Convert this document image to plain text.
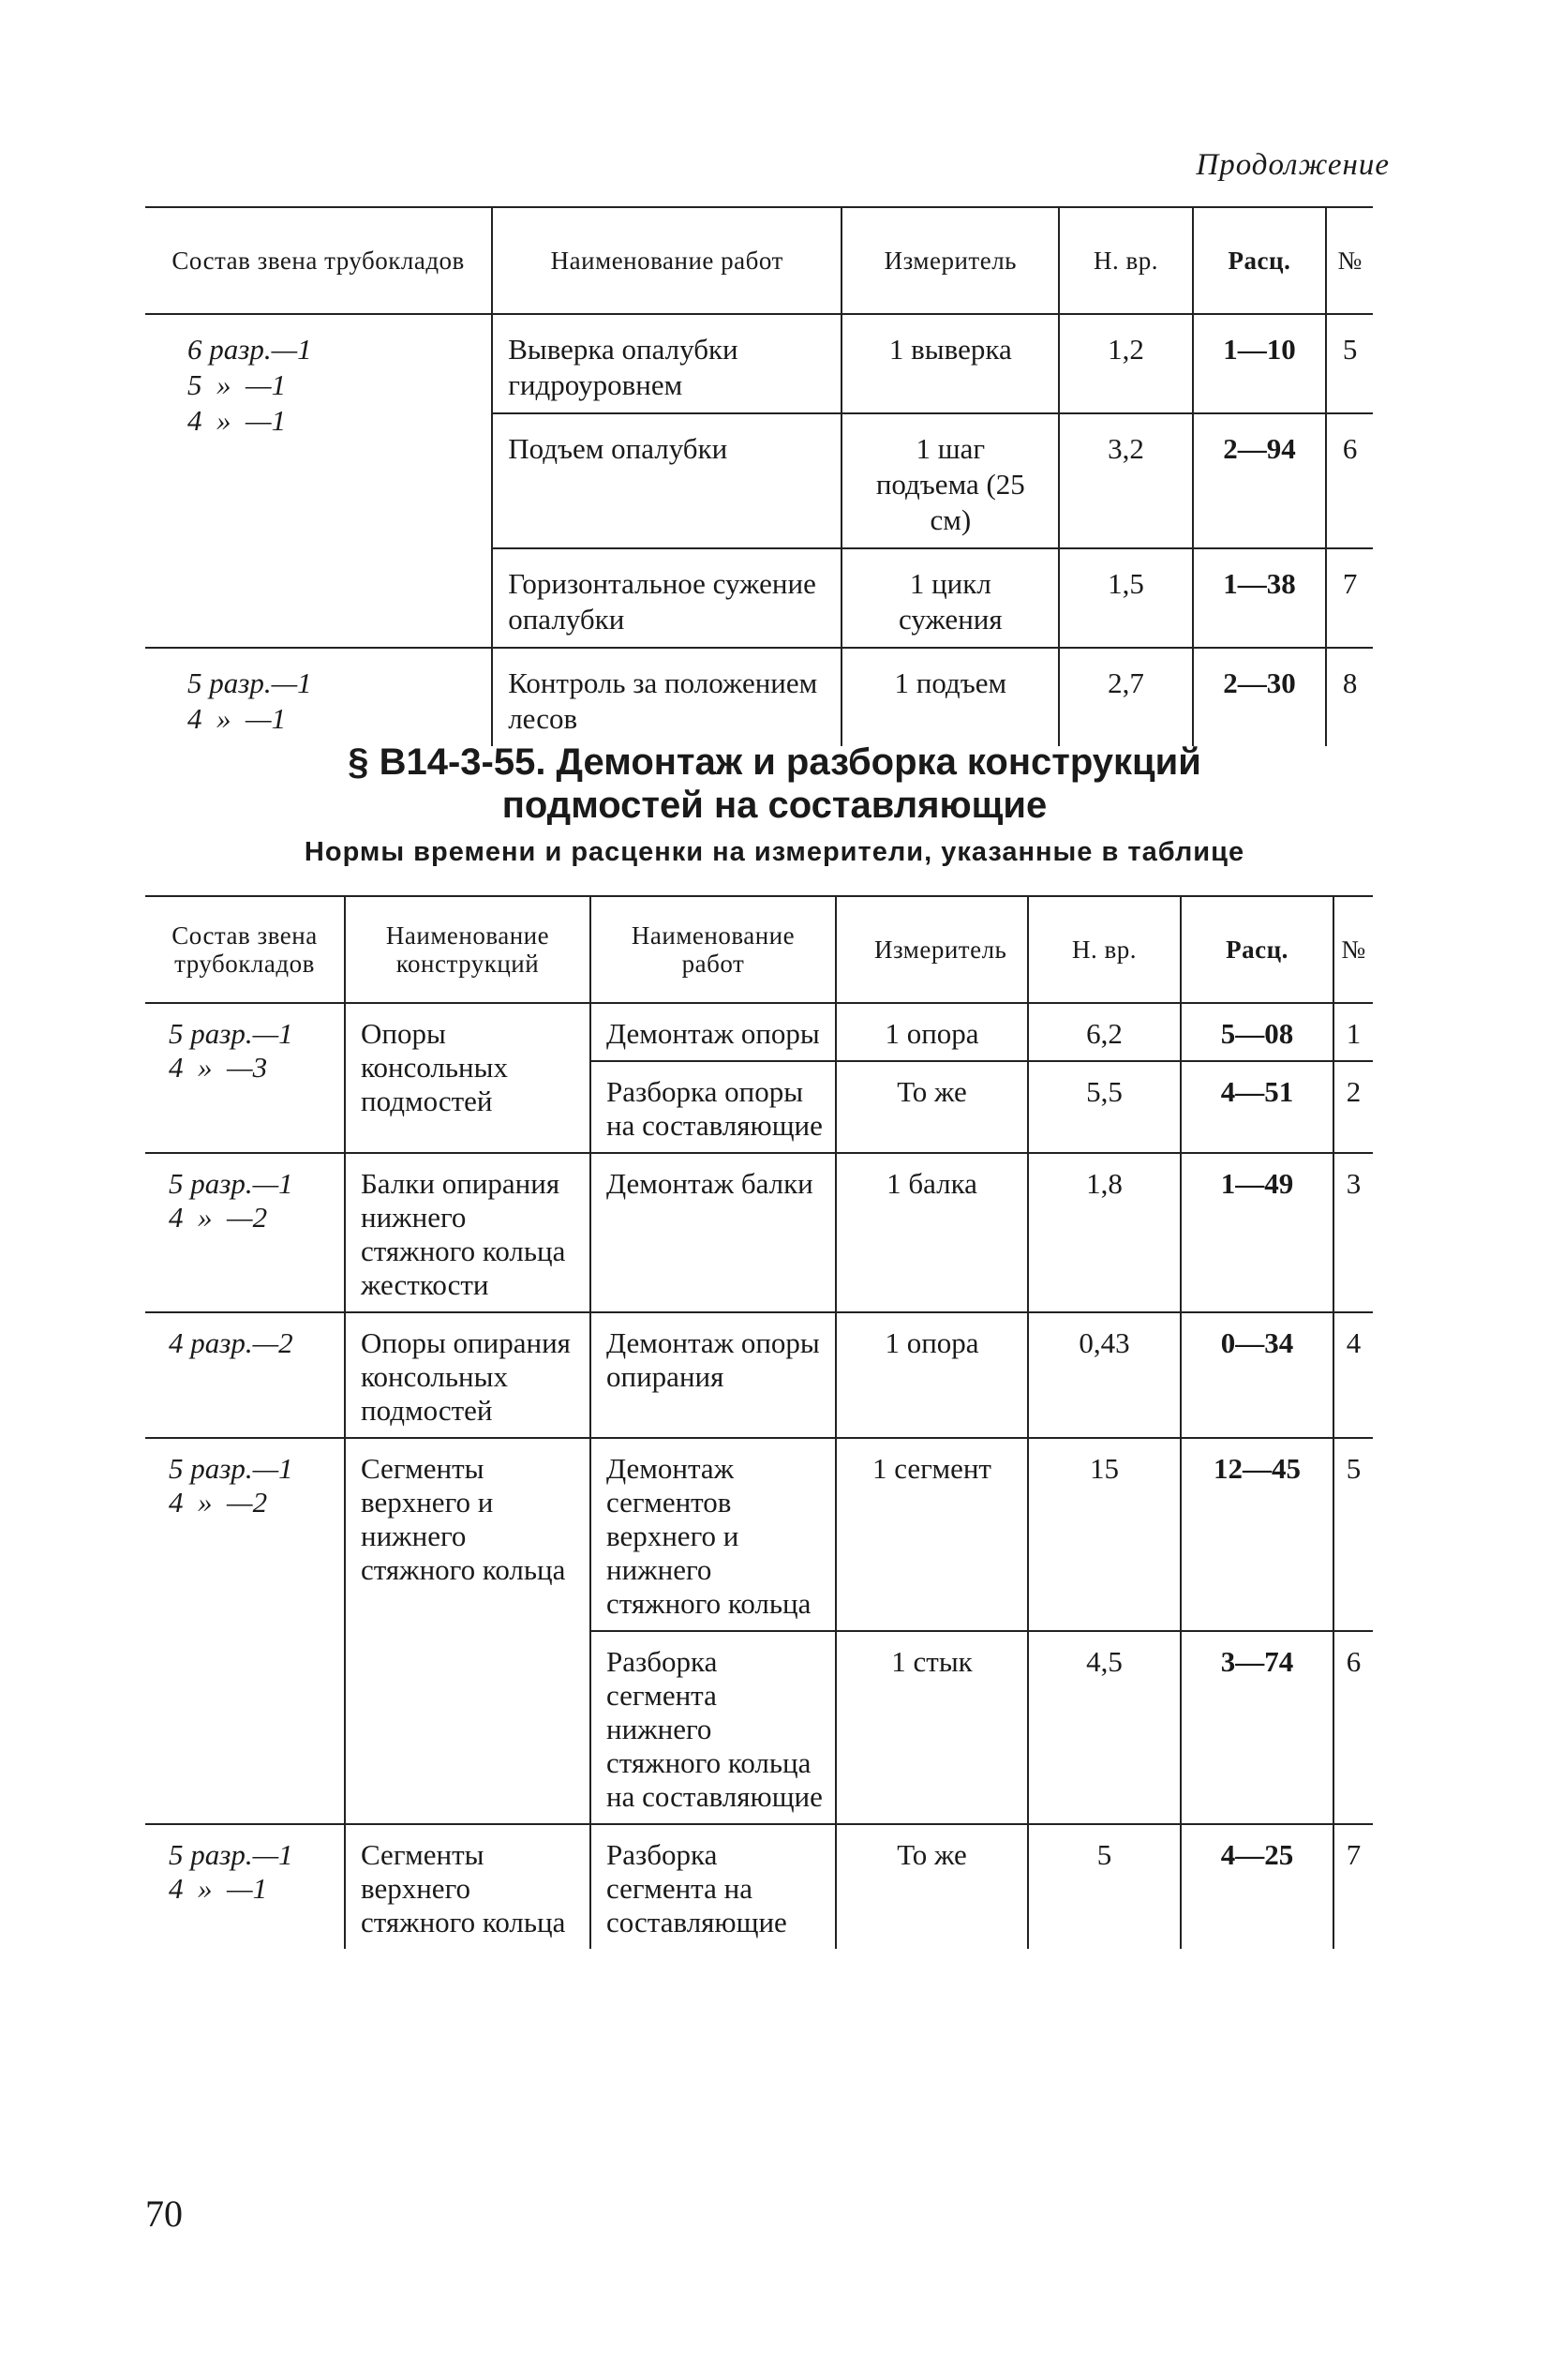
Продолжение
Состав звена трубокладов	Наименование работ	Измеритель	Н. вр.	Расц.	№

6 разр.—1
5  »  —1
4  »  —1	Выверка опалубки гидроуровнем	1 выверка	1,2	1—10	5
	Подъем опалубки	1 шаг подъема (25 см)	3,2	2—94	6
	Горизонтальное сужение опалубки	1 цикл сужения	1,5	1—38	7

5 разр.—1
4  »  —1	Контроль за положением лесов	1 подъем	2,7	2—30	8
§ В14-3-55. Демонтаж и разборка конструкций
подмостей на составляющие
Нормы времени и расценки на измерители, указанные в таблице
Состав звена трубокладов	Наименование конструкций	Наименование работ	Измеритель	Н. вр.	Расц.	№

5 разр.—1
4  »  —3	Опоры консольных подмостей	Демонтаж опоры	1 опора	6,2	5—08	1
		Разборка опоры на составляющие	То же	5,5	4—51	2

5 разр.—1
4  »  —2	Балки опирания нижнего стяжного кольца жесткости	Демонтаж балки	1 балка	1,8	1—49	3

4 разр.—2	Опоры опирания консольных подмостей	Демонтаж опоры опирания	1 опора	0,43	0—34	4

5 разр.—1
4  »  —2	Сегменты верхнего и нижнего стяжного кольца	Демонтаж сегментов верхнего и нижнего стяжного кольца	1 сегмент	15	12—45	5
		Разборка сегмента нижнего стяжного кольца на составляющие	1 стык	4,5	3—74	6

5 разр.—1
4  »  —1	Сегменты верхнего стяжного кольца	Разборка сегмента на составляющие	То же	5	4—25	7
70
